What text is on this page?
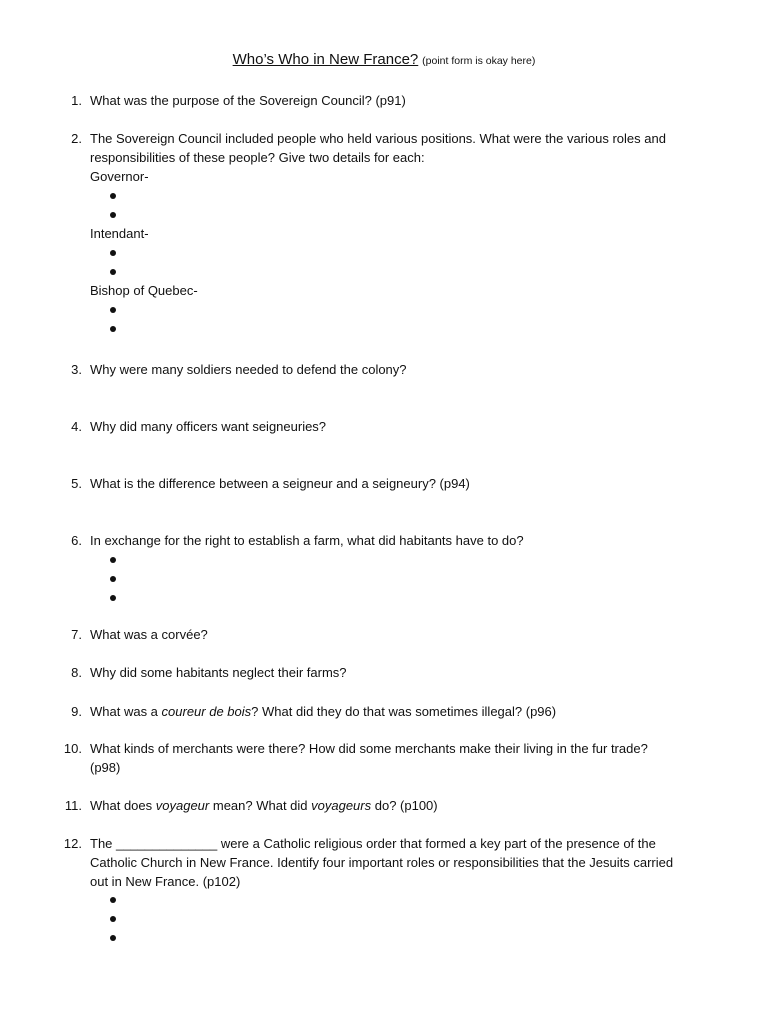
Who’s Who in New France? (point form is okay here)
1. What was the purpose of the Sovereign Council? (p91)
2. The Sovereign Council included people who held various positions. What were the various roles and
responsibilities of these people? Give two details for each:
Governor-
Intendant-
Bishop of Quebec-
3. Why were many soldiers needed to defend the colony?
4. Why did many officers want seigneuries?
5. What is the difference between a seigneur and a seigneury? (p94)
6. In exchange for the right to establish a farm, what did habitants have to do?
7. What was a corvée?
8. Why did some habitants neglect their farms?
9. What was a coureur de bois? What did they do that was sometimes illegal? (p96)
10. What kinds of merchants were there? How did some merchants make their living in the fur trade?
(p98)
11. What does voyageur mean? What did voyageurs do? (p100)
12. The ______________ were a Catholic religious order that formed a key part of the presence of the
Catholic Church in New France. Identify four important roles or responsibilities that the Jesuits carried
out in New France. (p102)
